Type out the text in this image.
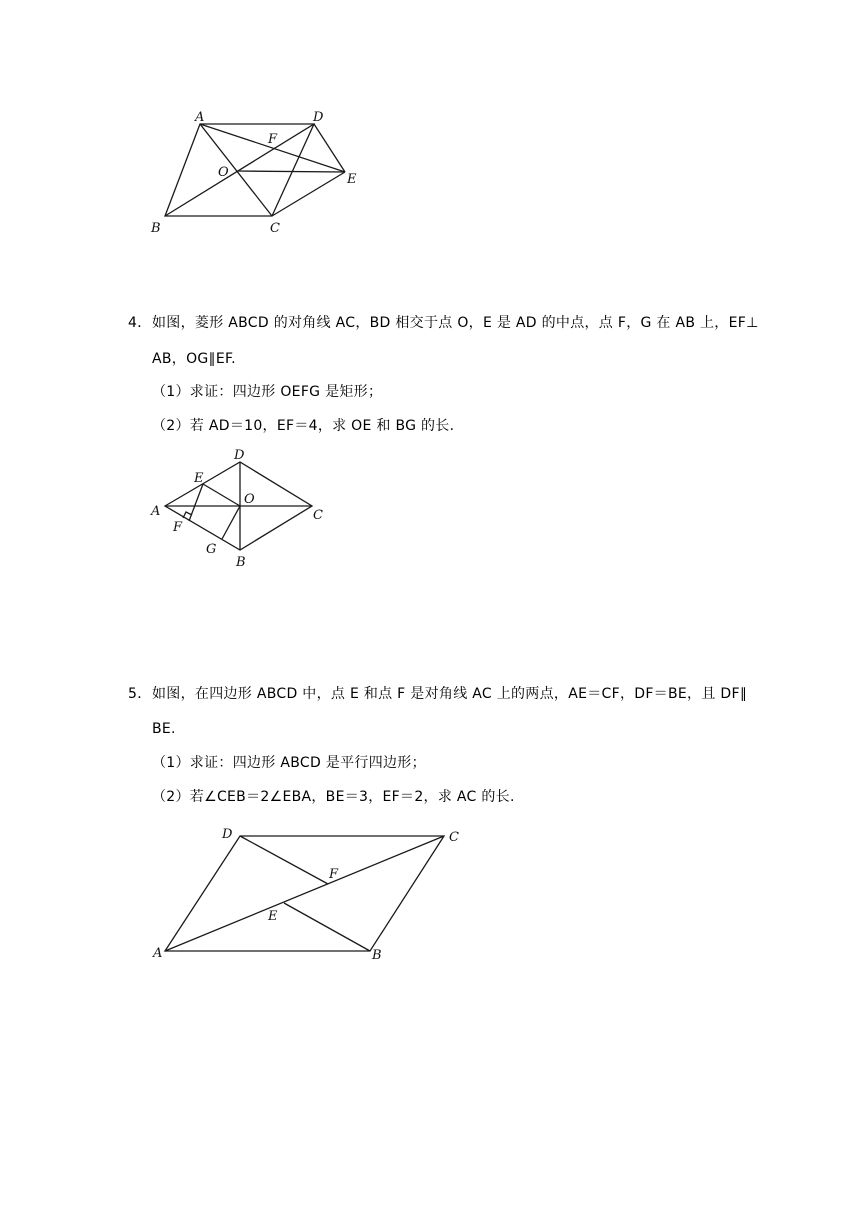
A	D
F
O	E
B	C
4． 如图，菱形 ABCD 的对角线 AC，BD 相交于点 O，E 是 AD 的中点，点 F，G 在 AB 上，EF⊥
AB，OG∥EF.
（1）求证：四边形 OEFG 是矩形；
（2）若 AD＝10，EF＝4，求 OE 和 BG 的长.
D
E
A
O
C
F
G
B
5． 如图，在四边形 ABCD 中，点 E 和点 F 是对角线 AC 上的两点，AE＝CF，DF＝BE，且 DF∥
BE.
（1）求证：四边形 ABCD 是平行四边形；
（2）若∠CEB＝2∠EBA，BE＝3，EF＝2，求 AC 的长.
D	C
F
E
A	B
